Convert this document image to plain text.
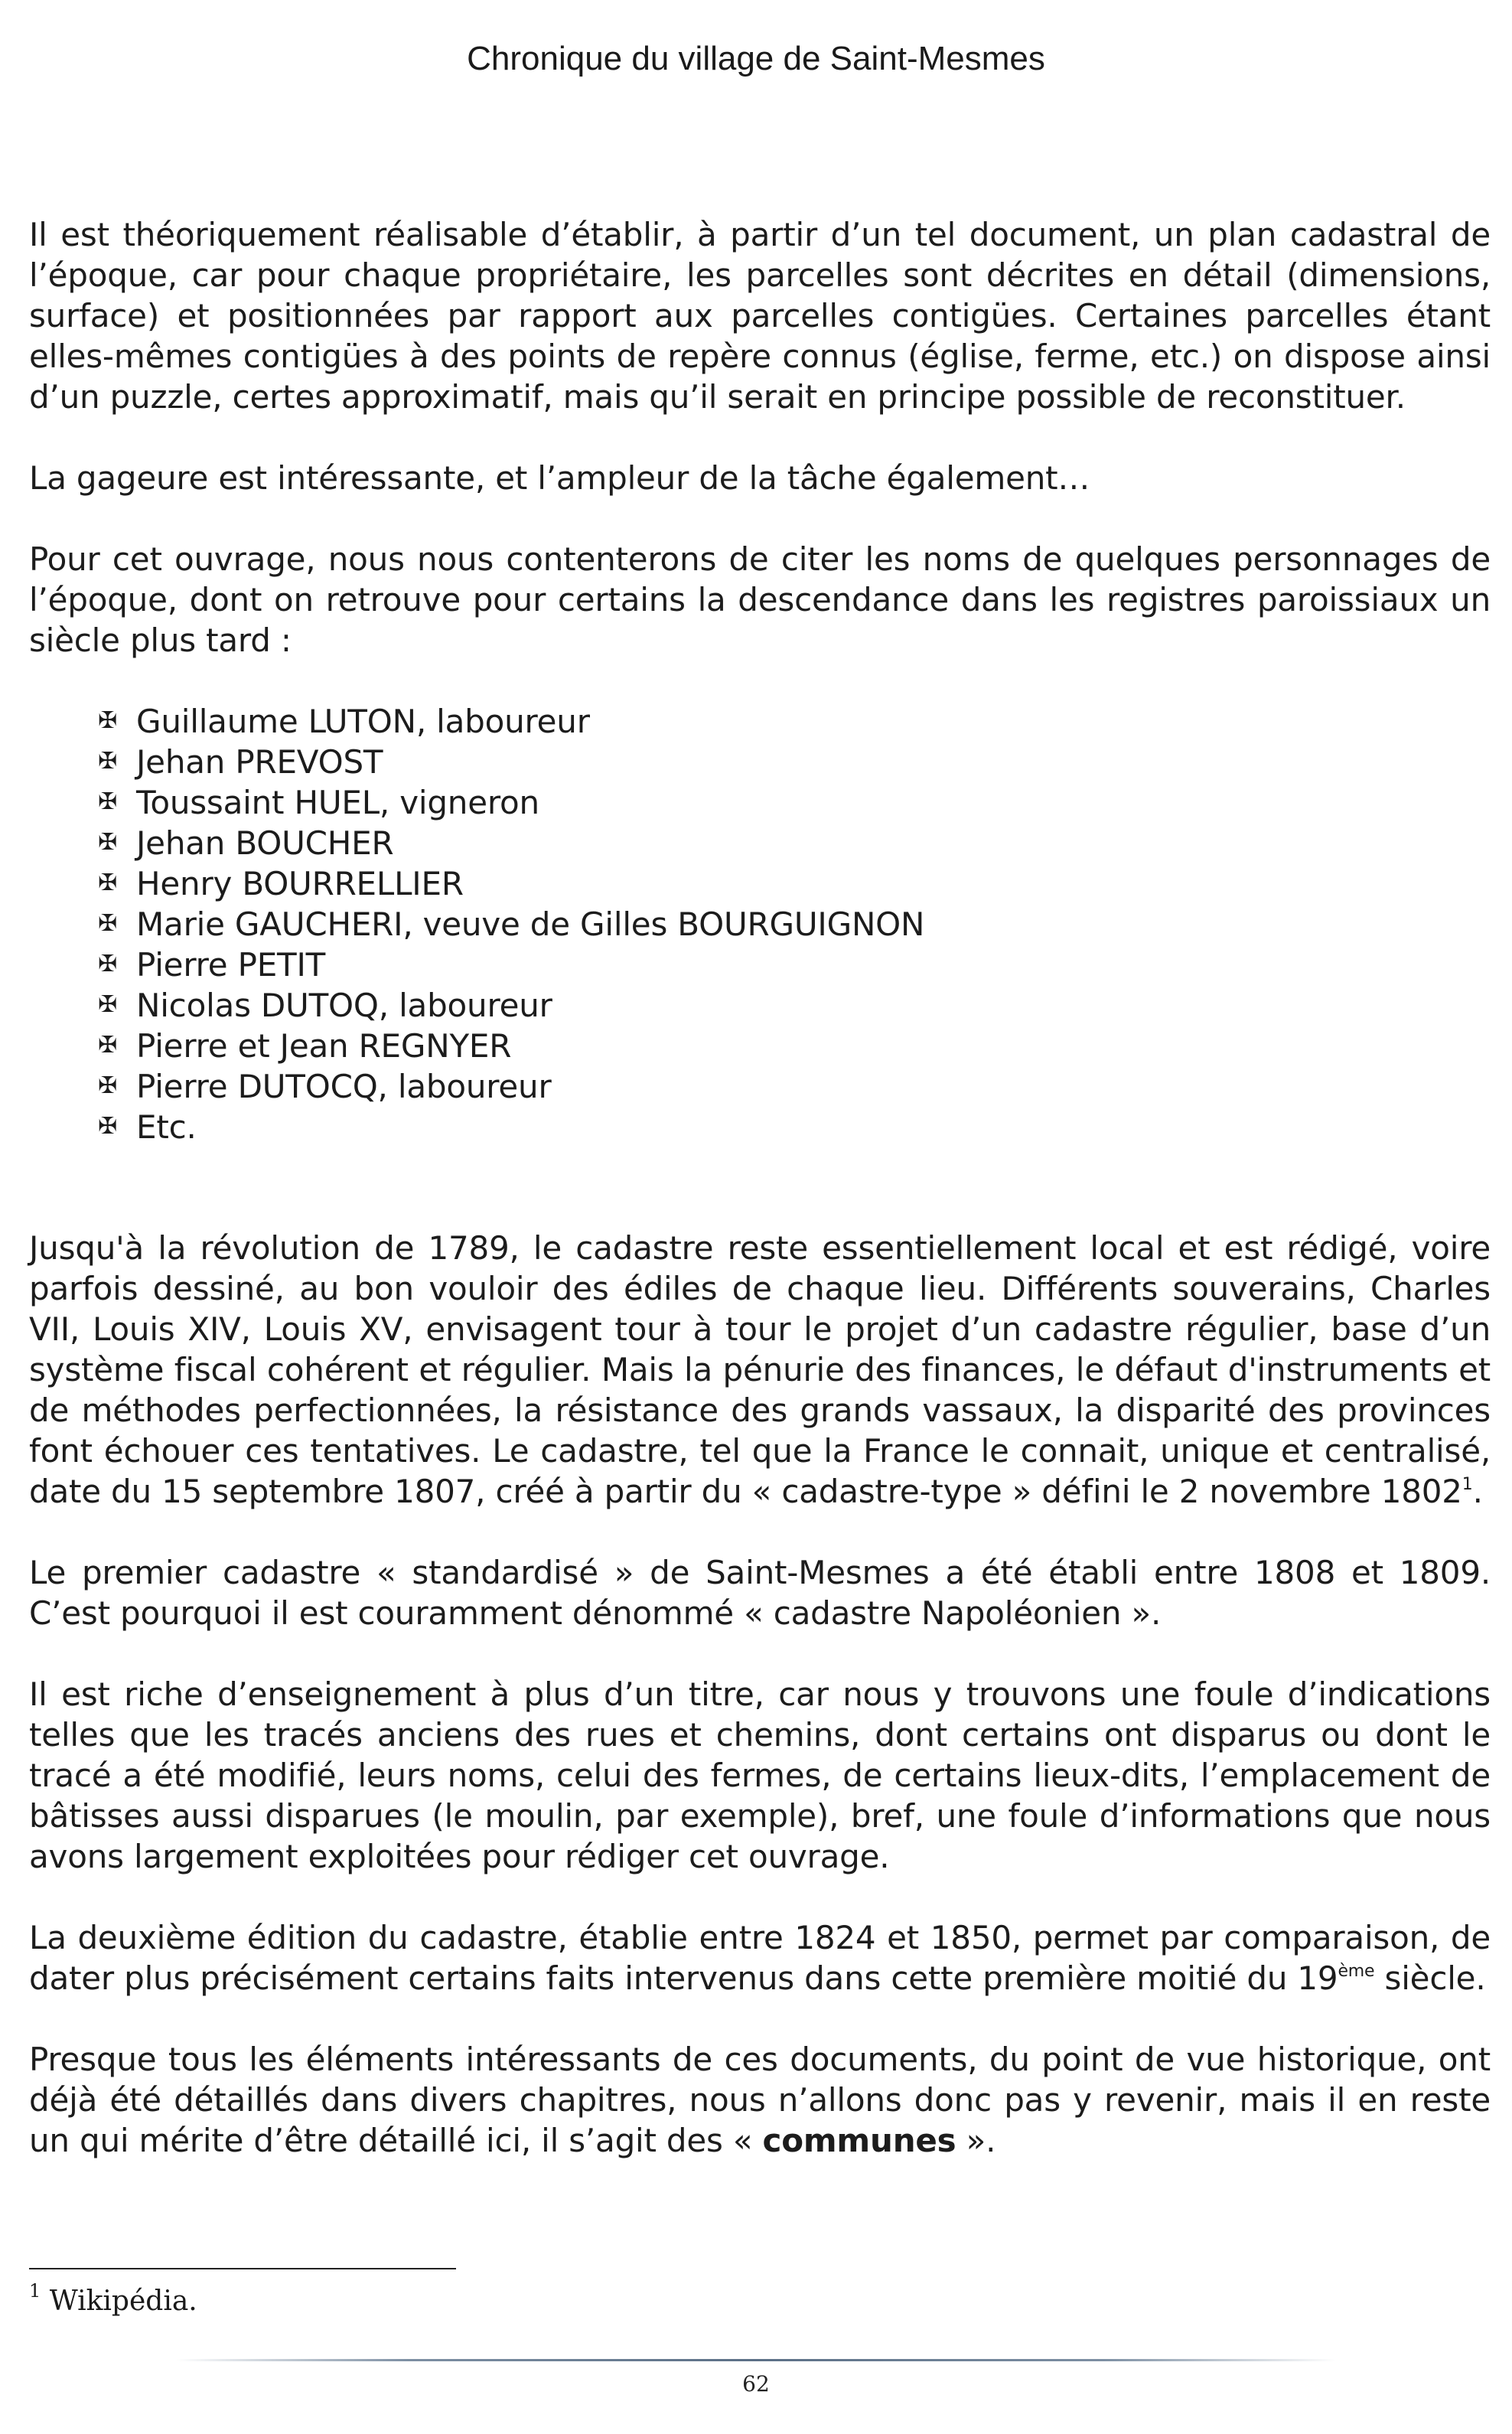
Chronique du village de Saint-Mesmes

Il est théoriquement réalisable d’établir, à partir d’un tel document, un plan cadastral de l’époque, car pour chaque propriétaire, les parcelles sont décrites en détail (dimensions, surface) et positionnées par rapport aux parcelles contigües. Certaines parcelles étant elles-mêmes contigües à des points de repère connus (église, ferme, etc.) on dispose ainsi d’un puzzle, certes approximatif, mais qu’il serait en principe possible de reconstituer.

La gageure est intéressante, et l’ampleur de la tâche également…

Pour cet ouvrage, nous nous contenterons de citer les noms de quelques personnages de l’époque, dont on retrouve pour certains la descendance dans les registres paroissiaux un siècle plus tard :

✠ Guillaume LUTON, laboureur
✠ Jehan PREVOST
✠ Toussaint HUEL, vigneron
✠ Jehan BOUCHER
✠ Henry BOURRELLIER
✠ Marie GAUCHERI, veuve de Gilles BOURGUIGNON
✠ Pierre PETIT
✠ Nicolas DUTOQ, laboureur
✠ Pierre et Jean REGNYER
✠ Pierre DUTOCQ, laboureur
✠ Etc.

Jusqu'à la révolution de 1789, le cadastre reste essentiellement local et est rédigé, voire parfois dessiné, au bon vouloir des édiles de chaque lieu. Différents souverains, Charles VII, Louis XIV, Louis XV, envisagent tour à tour le projet d’un cadastre régulier, base d’un système fiscal cohérent et régulier. Mais la pénurie des finances, le défaut d'instruments et de méthodes perfectionnées, la résistance des grands vassaux, la disparité des provinces font échouer ces tentatives. Le cadastre, tel que la France le connait, unique et centralisé, date du 15 septembre 1807, créé à partir du « cadastre-type » défini le 2 novembre 1802$^1$.

Le premier cadastre « standardisé » de Saint-Mesmes a été établi entre 1808 et 1809. C’est pourquoi il est couramment dénommé « cadastre Napoléonien ».

Il est riche d’enseignement à plus d’un titre, car nous y trouvons une foule d’indications telles que les tracés anciens des rues et chemins, dont certains ont disparus ou dont le tracé a été modifié, leurs noms, celui des fermes, de certains lieux-dits, l’emplacement de bâtisses aussi disparues (le moulin, par exemple), bref, une foule d’informations que nous avons largement exploitées pour rédiger cet ouvrage.

La deuxième édition du cadastre, établie entre 1824 et 1850, permet par comparaison, de dater plus précisément certains faits intervenus dans cette première moitié du 19ème siècle.

Presque tous les éléments intéressants de ces documents, du point de vue historique, ont déjà été détaillés dans divers chapitres, nous n’allons donc pas y revenir, mais il en reste un qui mérite d’être détaillé ici, il s’agit des « communes ».

$^1$ Wikipédia.
62
